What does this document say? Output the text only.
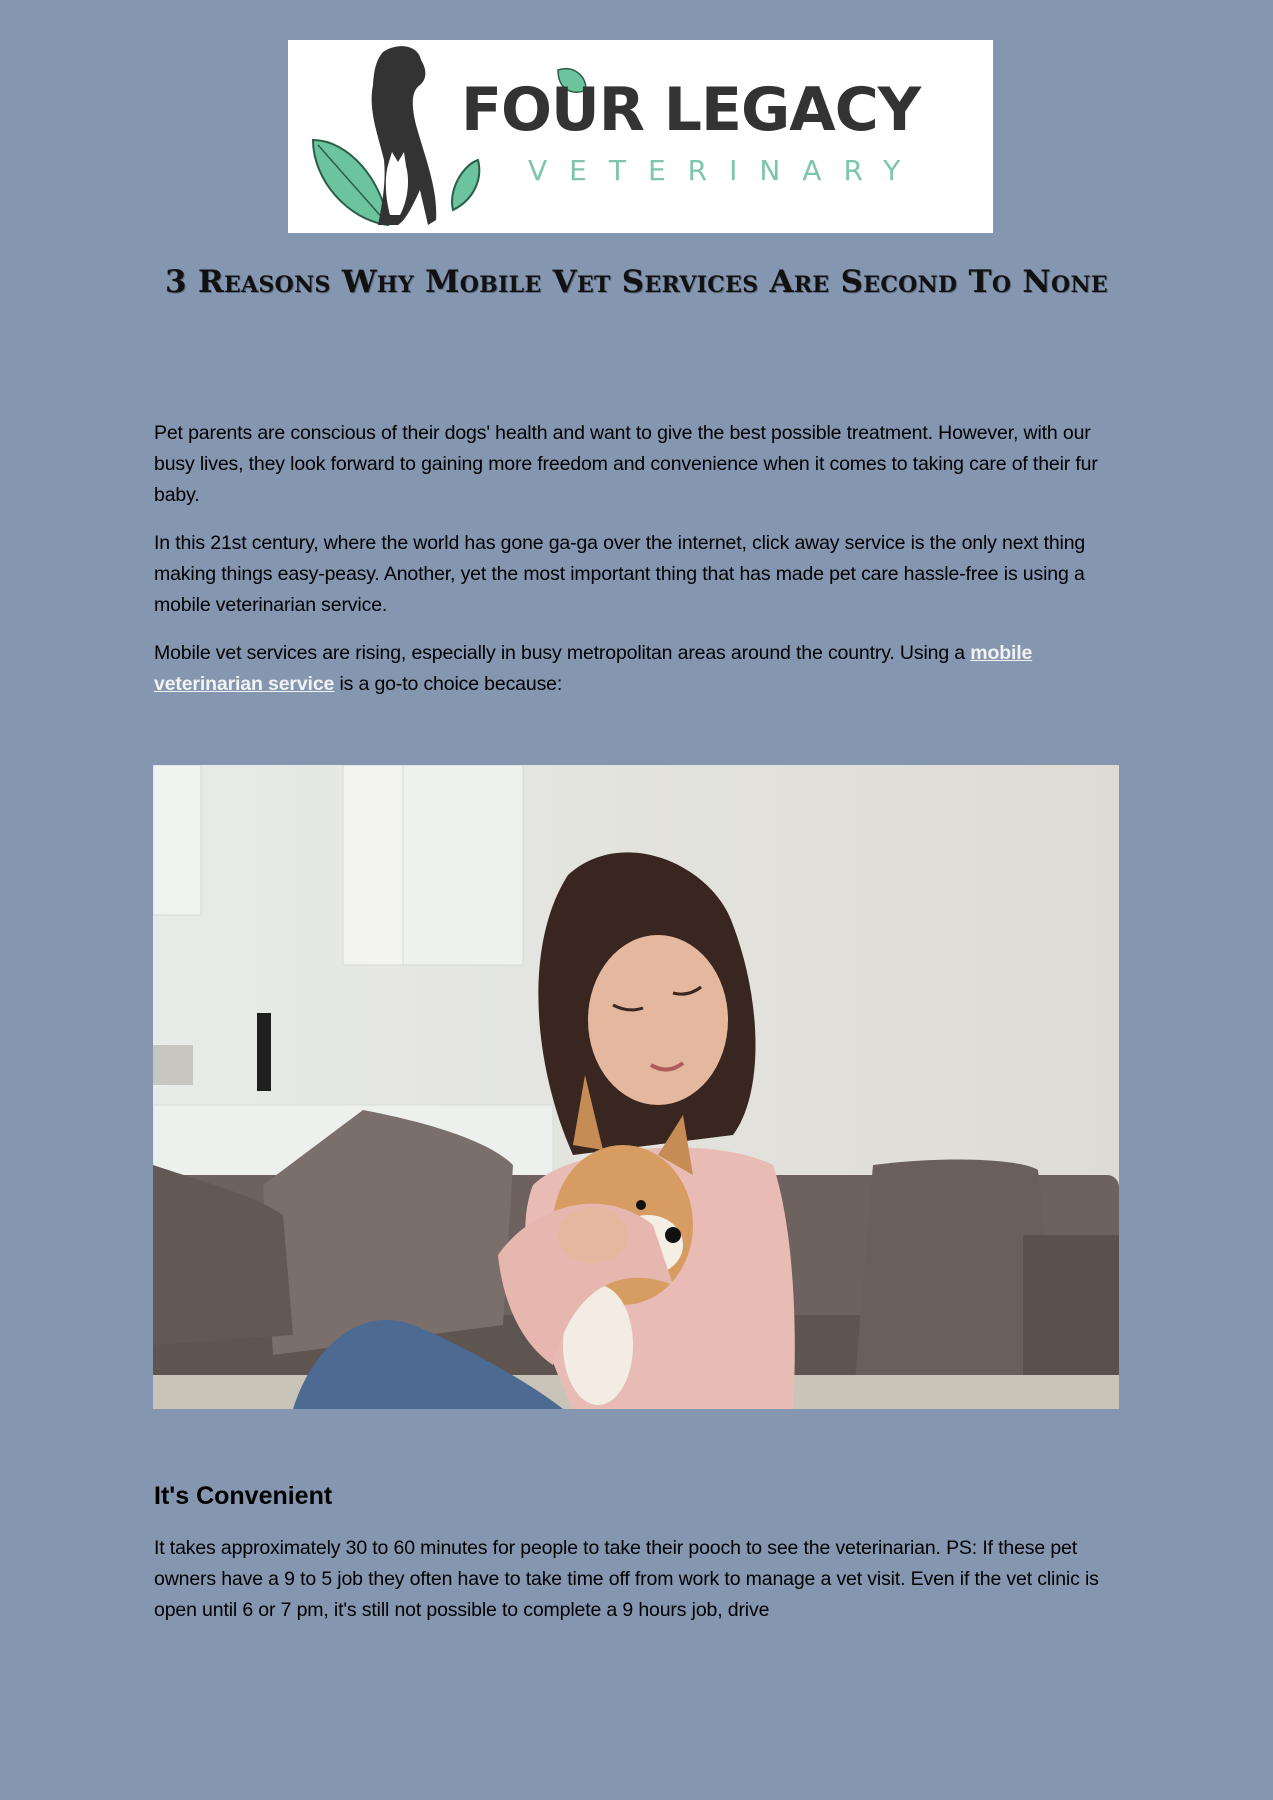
FOUR LEGACY
VETERINARY
3 Reasons Why Mobile Vet Services Are Second To None

Pet parents are conscious of their dogs' health and want to give the best possible treatment. However, with our busy lives, they look forward to gaining more freedom and convenience when it comes to taking care of their fur baby.

In this 21st century, where the world has gone ga-ga over the internet, click away service is the only next thing making things easy-peasy. Another, yet the most important thing that has made pet care hassle-free is using a mobile veterinarian service.

Mobile vet services are rising, especially in busy metropolitan areas around the country. Using a mobile veterinarian service is a go-to choice because:

It's Convenient

It takes approximately 30 to 60 minutes for people to take their pooch to see the veterinarian. PS: If these pet owners have a 9 to 5 job they often have to take time off from work to manage a vet visit. Even if the vet clinic is open until 6 or 7 pm, it's still not possible to complete a 9 hours job, drive
